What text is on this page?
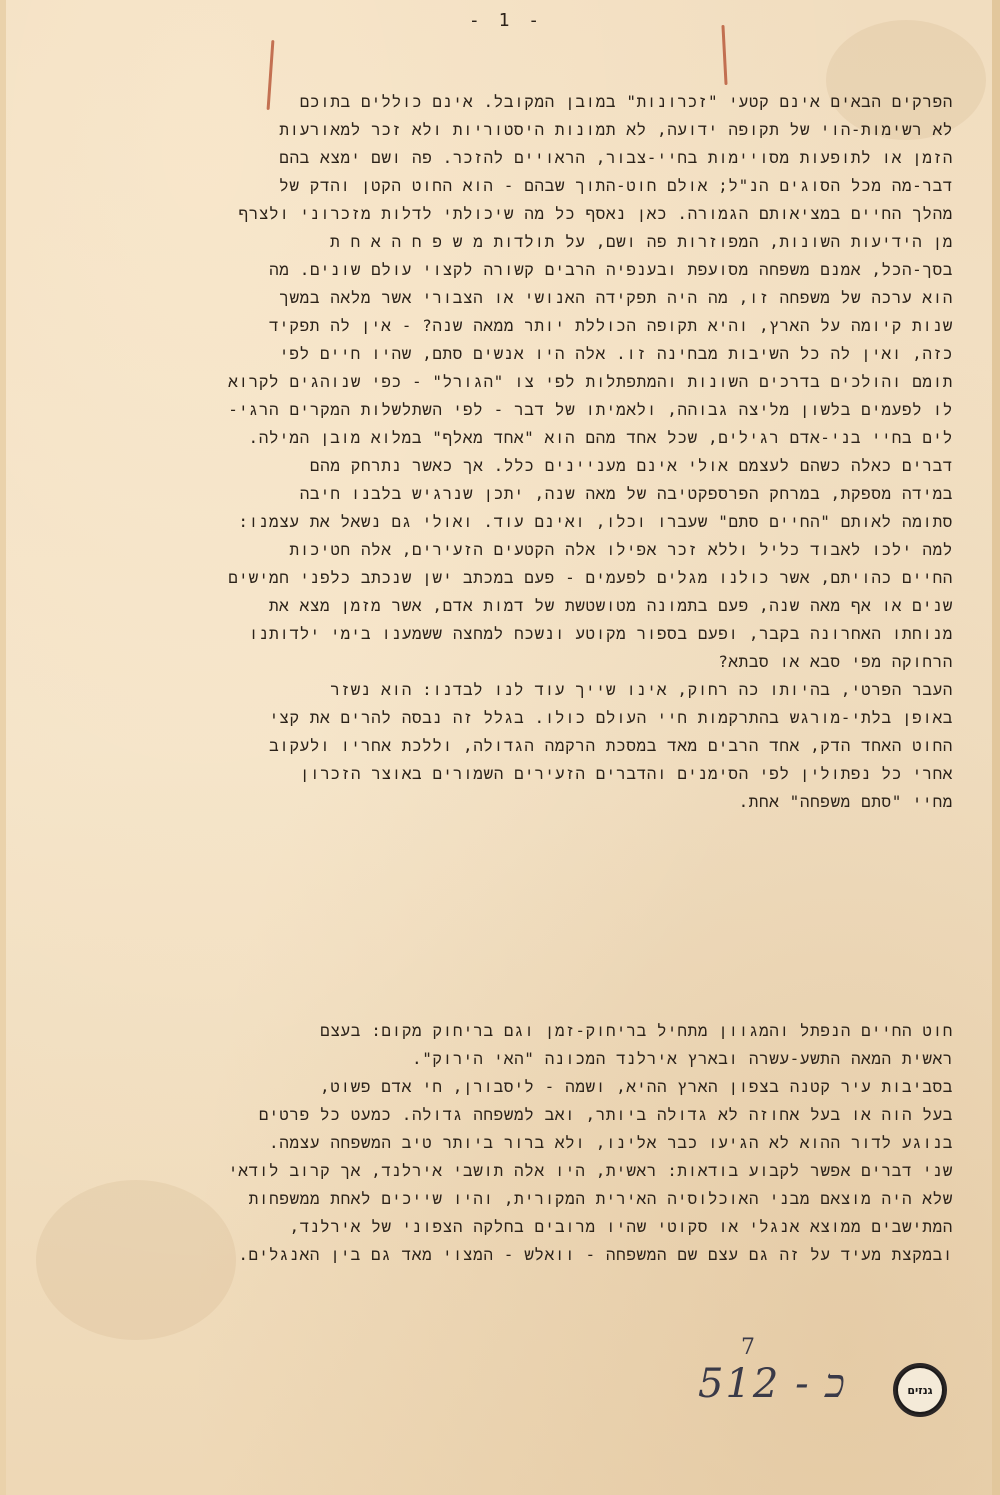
- 1 -
הפרקים הבאים אינם קטעי "זכרונות" במובן המקובל. אינם כוללים בתוכם
לא רשימות-הוי של תקופה ידועה, לא תמונות היסטוריות ולא זכר למאורעות
הזמן או לתופעות מסויימות בחיי-צבור, הראויים להזכר. פה ושם ימצא בהם
דבר-מה מכל הסוגים הנ"ל; אולם חוט-התוך שבהם - הוא החוט הקטן והדק של
מהלך החיים במציאותם הגמורה. כאן נאסף כל מה שיכולתי לדלות מזכרוני ולצרף
מן הידיעות השונות, המפוזרות פה ושם, על תולדות מ ש פ ח ה א ח ת
בסך-הכל, אמנם משפחה מסועפת ובענפיה הרבים קשורה לקצוי עולם שונים. מה
הוא ערכה של משפחה זו, מה היה תפקידה האנושי או הצבורי אשר מלאה במשך
שנות קיומה על הארץ, והיא תקופה הכוללת יותר ממאה שנה? - אין לה תפקיד
כזה, ואין לה כל השיבות מבחינה זו. אלה היו אנשים סתם, שהיו חיים לפי
תומם והולכים בדרכים השונות והמתפתלות לפי צו "הגורל" - כפי שנוהגים לקרוא
לו לפעמים בלשון מליצה גבוהה, ולאמיתו של דבר - לפי השתלשלות המקרים הרגי-
לים בחיי בני-אדם רגילים, שכל אחד מהם הוא "אחד מאלף" במלוא מובן המילה.
דברים כאלה כשהם לעצמם אולי אינם מעניינים כלל. אך כאשר נתרחק מהם
במידה מספקת, במרחק הפרספקטיבה של מאה שנה, יתכן שנרגיש בלבנו חיבה
סתומה לאותם "החיים סתם" שעברו וכלו, ואינם עוד. ואולי גם נשאל את עצמנו:
למה ילכו לאבוד כליל וללא זכר אפילו אלה הקטעים הזעירים, אלה חטיכות
החיים כהויתם, אשר כולנו מגלים לפעמים - פעם במכתב ישן שנכתב כלפני חמישים
שנים או אף מאה שנה, פעם בתמונה מטושטשת של דמות אדם, אשר מזמן מצא את
מנוחתו האחרונה בקבר, ופעם בספור מקוטע ונשכח למחצה ששמענו בימי ילדותנו
הרחוקה מפי סבא או סבתא?
העבר הפרטי, בהיותו כה רחוק, אינו שייך עוד לנו לבדנו: הוא נשזר
באופן בלתי-מורגש בהתרקמות חיי העולם כולו. בגלל זה נבסה להרים את קצי
החוט האחד הדק, אחד הרבים מאד במסכת הרקמה הגדולה, וללכת אחריו ולעקוב
אחרי כל נפתולין לפי הסימנים והדברים הזעירים השמורים באוצר הזכרון
מחיי "סתם משפחה" אחת.
חוט החיים הנפתל והמגוון מתחיל בריחוק-זמן וגם בריחוק מקום: בעצם
ראשית המאה התשע-עשרה ובארץ אירלנד המכונה "האי הירוק".
בסביבות עיר קטנה בצפון הארץ ההיא, ושמה - ליסבורן, חי אדם פשוט,
בעל הוה או בעל אחוזה לא גדולה ביותר, ואב למשפחה גדולה. כמעט כל פרטים
בנוגע לדור ההוא לא הגיעו כבר אלינו, ולא ברור ביותר טיב המשפחה עצמה.
שני דברים אפשר לקבוע בודאות: ראשית, היו אלה תושבי אירלנד, אך קרוב לודאי
שלא היה מוצאם מבני האוכלוסיה האירית המקורית, והיו שייכים לאחת ממשפחות
המתישבים ממוצא אנגלי או סקוטי שהיו מרובים בחלקה הצפוני של אירלנד,
ובמקצת מעיד על זה גם עצם שם המשפחה - וואלש - המצוי מאד גם בין האנגלים.
7
512 - כ	גנזים
